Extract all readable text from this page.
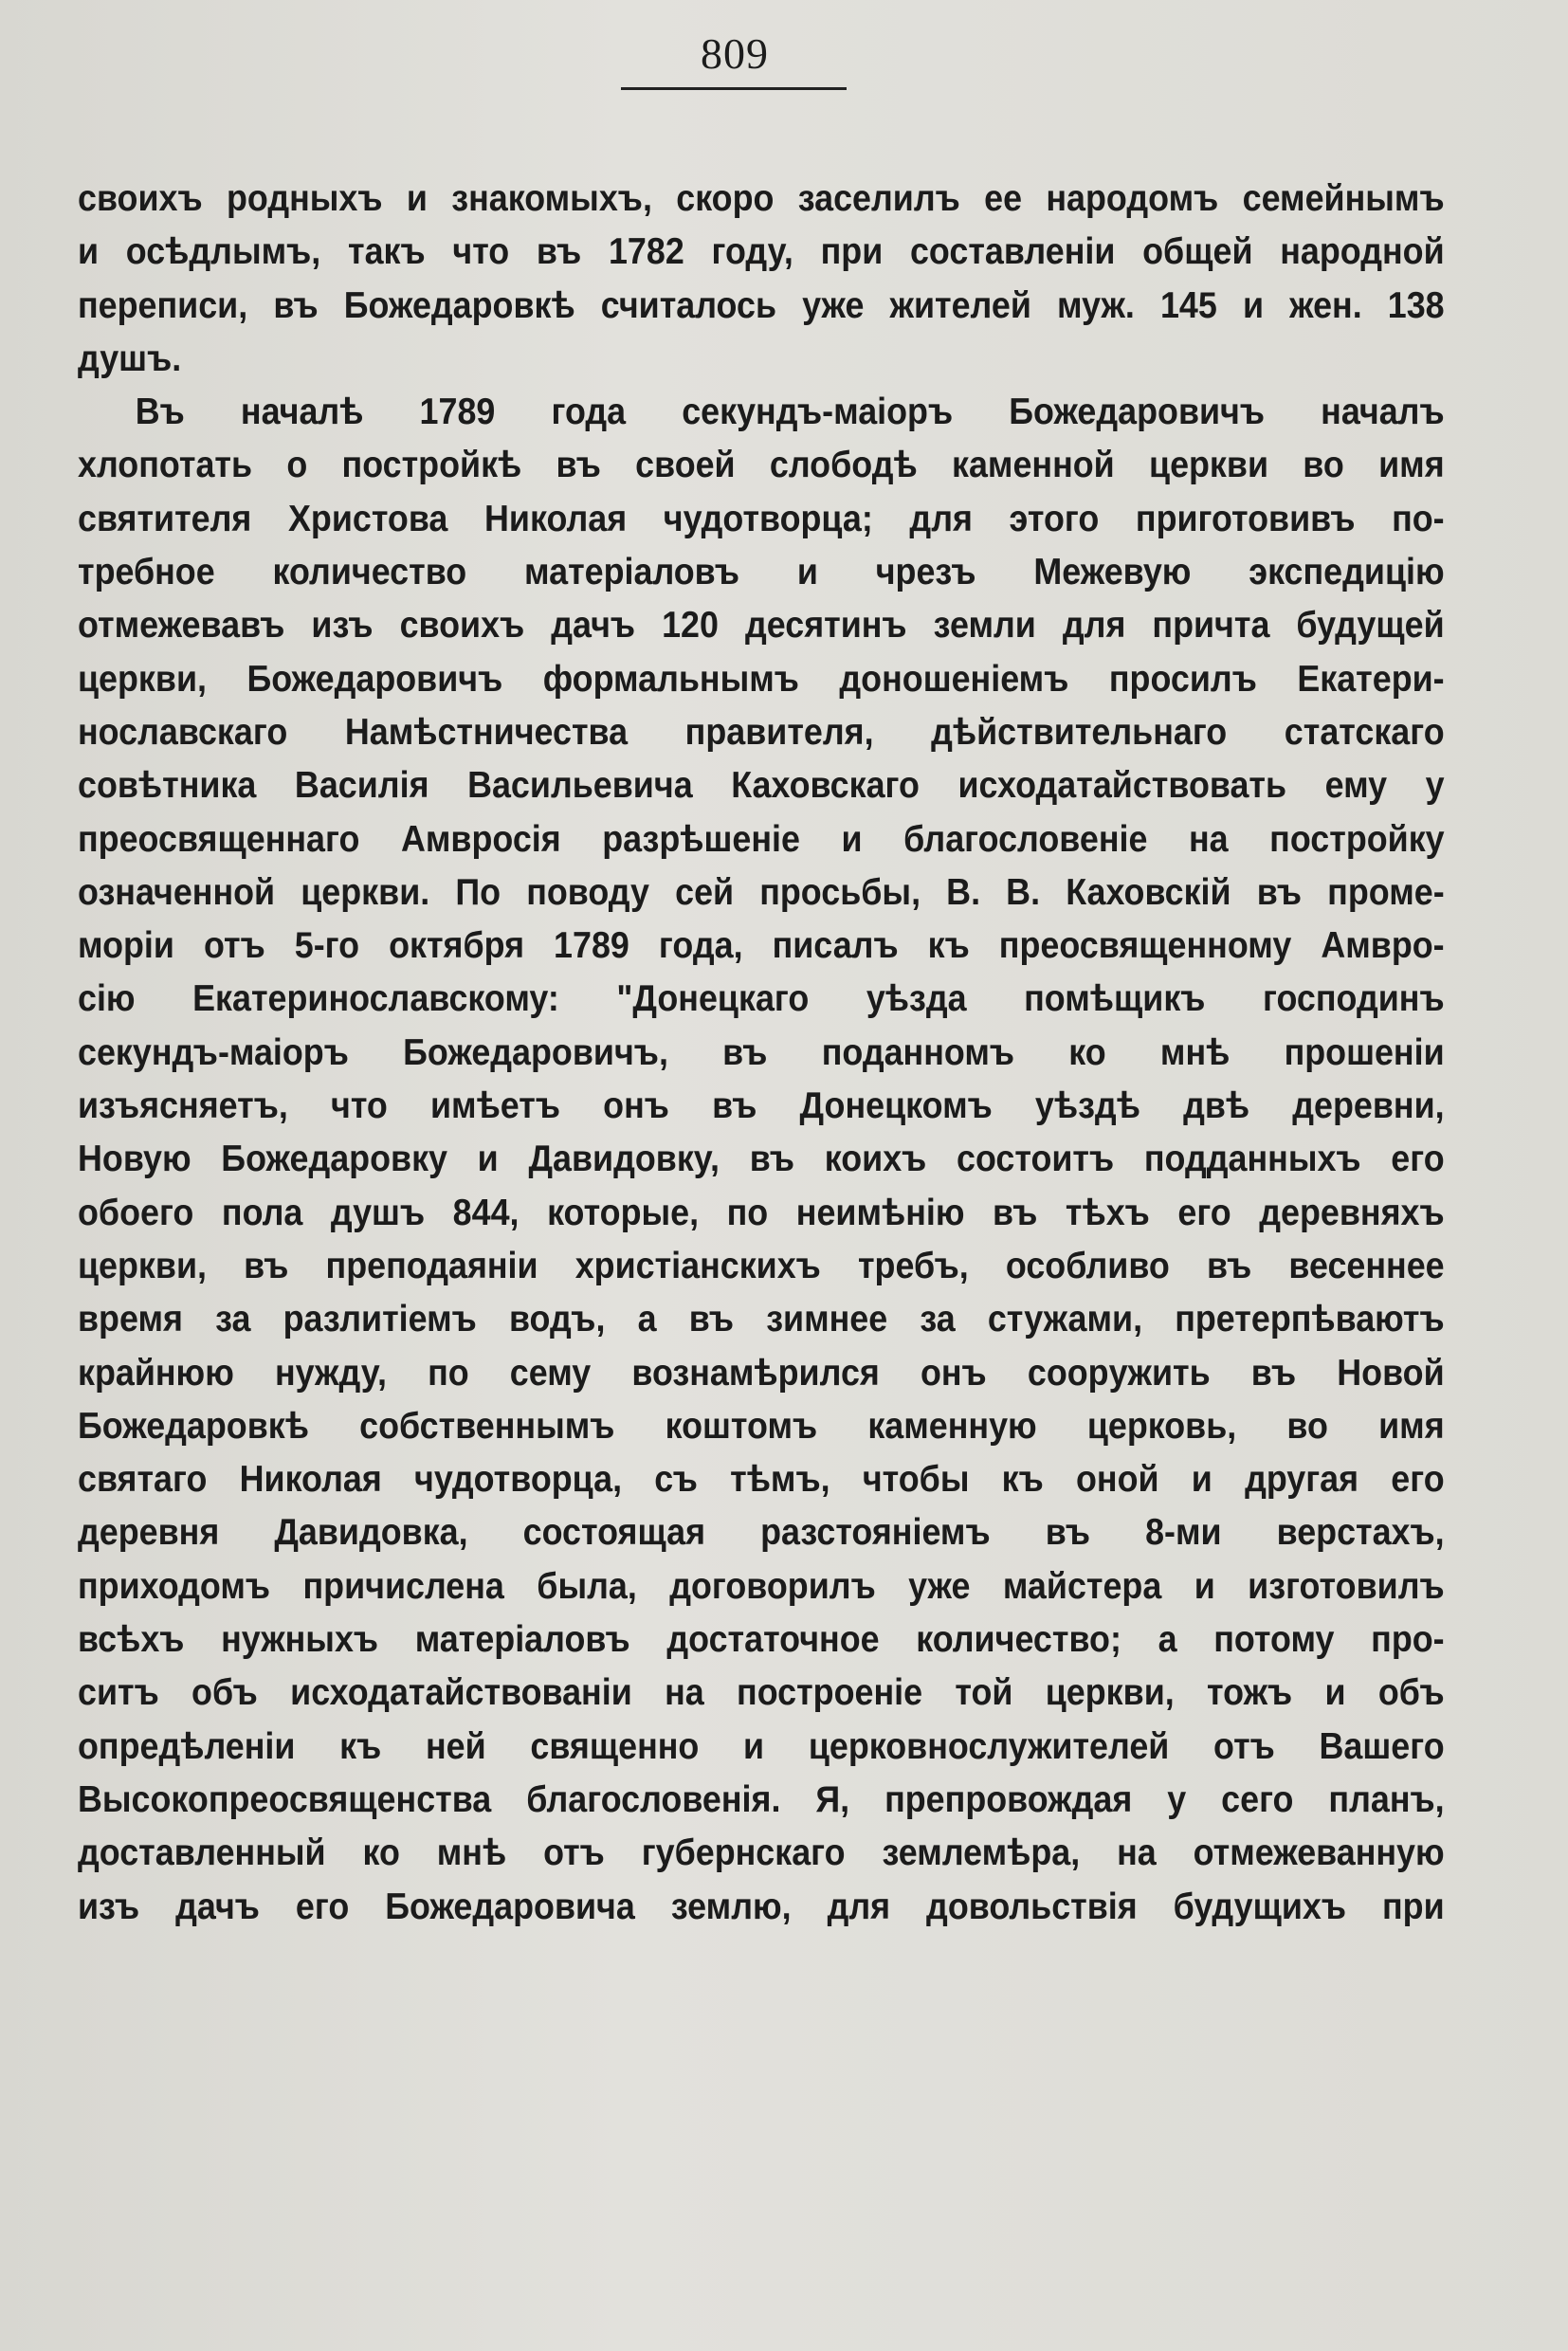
809
своихъ родныхъ и знакомыхъ, скоро заселилъ ее народомъ семейнымъ
и осѣдлымъ, такъ что въ 1782 году, при составленіи общей народной
переписи, въ Божедаровкѣ считалось уже жителей муж. 145 и жен. 138
душъ.
Въ началѣ 1789 года секундъ-маіоръ Божедаровичъ началъ
хлопотать о постройкѣ въ своей слободѣ каменной церкви во имя
святителя Христова Николая чудотворца; для этого приготовивъ по-
требное количество матеріаловъ и чрезъ Межевую экспедицію
отмежевавъ изъ своихъ дачъ 120 десятинъ земли для причта будущей
церкви, Божедаровичъ формальнымъ доношеніемъ просилъ Екатери-
нославскаго Намѣстничества правителя, дѣйствительнаго статскаго
совѣтника Василія Васильевича Каховскаго исходатайствовать ему у
преосвященнаго Амвросія разрѣшеніе и благословеніе на постройку
означенной церкви. По поводу сей просьбы, В. В. Каховскій въ проме-
моріи отъ 5-го октября 1789 года, писалъ къ преосвященному Амвро-
сію Екатеринославскому: "Донецкаго уѣзда помѣщикъ господинъ
секундъ-маіоръ Божедаровичъ, въ поданномъ ко мнѣ прошеніи
изъясняетъ, что имѣетъ онъ въ Донецкомъ уѣздѣ двѣ деревни,
Новую Божедаровку и Давидовку, въ коихъ состоитъ подданныхъ его
обоего пола душъ 844, которые, по неимѣнію въ тѣхъ его деревняхъ
церкви, въ преподаяніи христіанскихъ требъ, особливо въ весеннее
время за разлитіемъ водъ, а въ зимнее за стужами, претерпѣваютъ
крайнюю нужду, по сему вознамѣрился онъ соорyжить въ Новой
Божедаровкѣ собственнымъ коштомъ каменную церковь, во имя
святаго Николая чудотворца, съ тѣмъ, чтобы къ оной и другая его
деревня Давидовка, состоящая разстояніемъ въ 8-ми верстахъ,
приходомъ причислена была, договорилъ уже майстера и изготовилъ
всѣхъ нужныхъ матеріаловъ достаточное количество; а потому про-
ситъ объ исходатайствованіи на построеніе той церкви, тожъ и объ
опредѣленіи къ ней священно и церковнослужителей отъ Вашего
Высокопреосвященства благословенія. Я, препровождая у сего планъ,
доставленный ко мнѣ отъ губернскаго землемѣра, на отмежеванную
изъ дачъ его Божедаровича землю, для довольствія будущихъ при
